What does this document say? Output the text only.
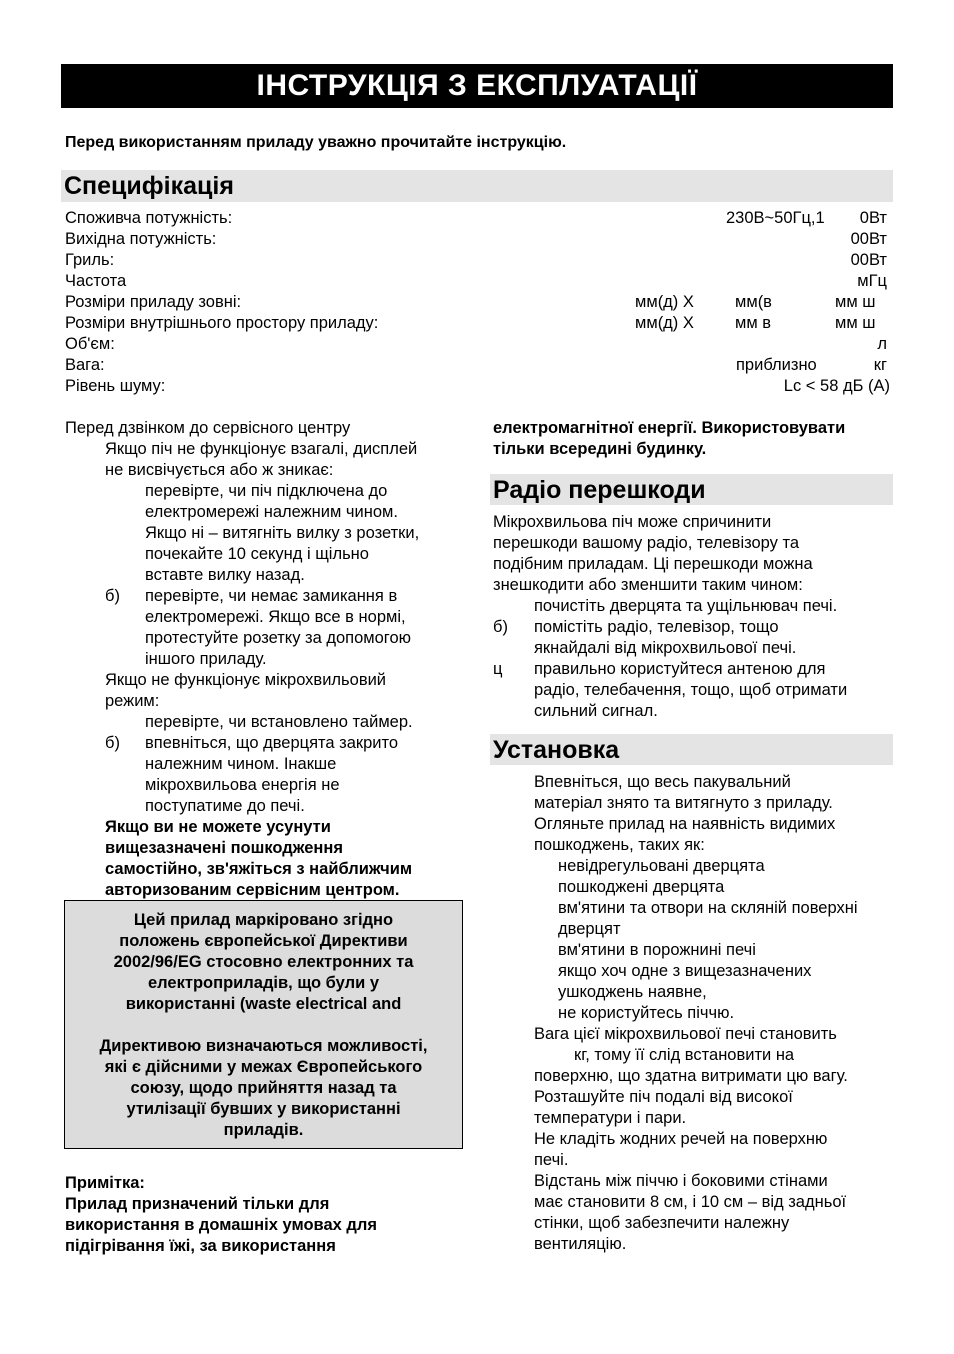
ІНСТРУКЦІЯ З ЕКСПЛУАТАЦІЇ
Перед використанням приладу уважно прочитайте інструкцію.
Специфікація
Споживча потужність:	230В~50Гц,1 0Вт
Вихідна потужність:	00Вт
Гриль:	00Вт
Частота	мГц
Розміри приладу зовні:	мм(д) Х мм(в	мм ш
Розміри внутрішнього простору приладу:	мм(д) Х мм в	мм ш
Об'єм:	л
Вага:	приблизно	кг
Рівень шуму:	Lc < 58 дБ (А)
Перед дзвінком до сервісного центру
Якщо піч не функціонує взагалі, дисплей
не висвічується або ж зникає:
перевірте, чи піч підключена до
електромережі належним чином.
Якщо ні – витягніть вилку з розетки,
почекайте 10 секунд і щільно
вставте вилку назад.
б) перевірте, чи немає замикання в
електромережі. Якщо все в нормі,
протестуйте розетку за допомогою
іншого приладу.
Якщо не функціонує мікрохвильовий
режим:
перевірте, чи встановлено таймер.
б) впевніться, що дверцята закрито
належним чином. Інакше
мікрохвильова енергія не
поступатиме до печі.
Якщо ви не можете усунути
вищезазначені пошкодження
самостійно, зв'яжіться з найближчим
авторизованим сервісним центром.
Цей прилад маркіровано згідно
положень європейської Директиви
2002/96/EG стосовно електронних та
електроприладів, що були у
використанні (waste electrical and

Директивою визначаються можливості,
які є дійсними у межах Європейського
союзу, щодо прийняття назад та
утилізації бувших у використанні
приладів.
Примітка:
Прилад призначений тільки для
використання в домашніх умовах для
підігрівання їжі, за використання
електромагнітної енергії. Використовувати
тільки всередині будинку.
Радіо перешкоди
Мікрохвильова піч може спричинити
перешкоди вашому радіо, телевізору та
подібним приладам. Ці перешкоди можна
знешкодити або зменшити таким чином:
почистіть дверцята та ущільнювач печі.
б) помістіть радіо, телевізор, тощо
якнайдалі від мікрохвильової печі.
ц правильно користуйтеся антеною для
радіо, телебачення, тощо, щоб отримати
сильний сигнал.
Установка
Впевніться, що весь пакувальний
матеріал знято та витягнуто з приладу.
Огляньте прилад на наявність видимих
пошкоджень, таких як:
невідрегульовані дверцята
пошкоджені дверцята
вм'ятини та отвори на скляній поверхні
дверцят
вм'ятини в порожнині печі
якщо хоч одне з вищезазначених
ушкоджень наявне,
не користуйтесь піччю.
Вага цієї мікрохвильової печі становить
кг, тому її слід встановити на
поверхню, що здатна витримати цю вагу.
Розташуйте піч подалі від високої
температури і пари.
Не кладіть жодних речей на поверхню
печі.
Відстань між піччю і боковими стінами
має становити 8 см, і 10 см – від задньої
стінки, щоб забезпечити належну
вентиляцію.
